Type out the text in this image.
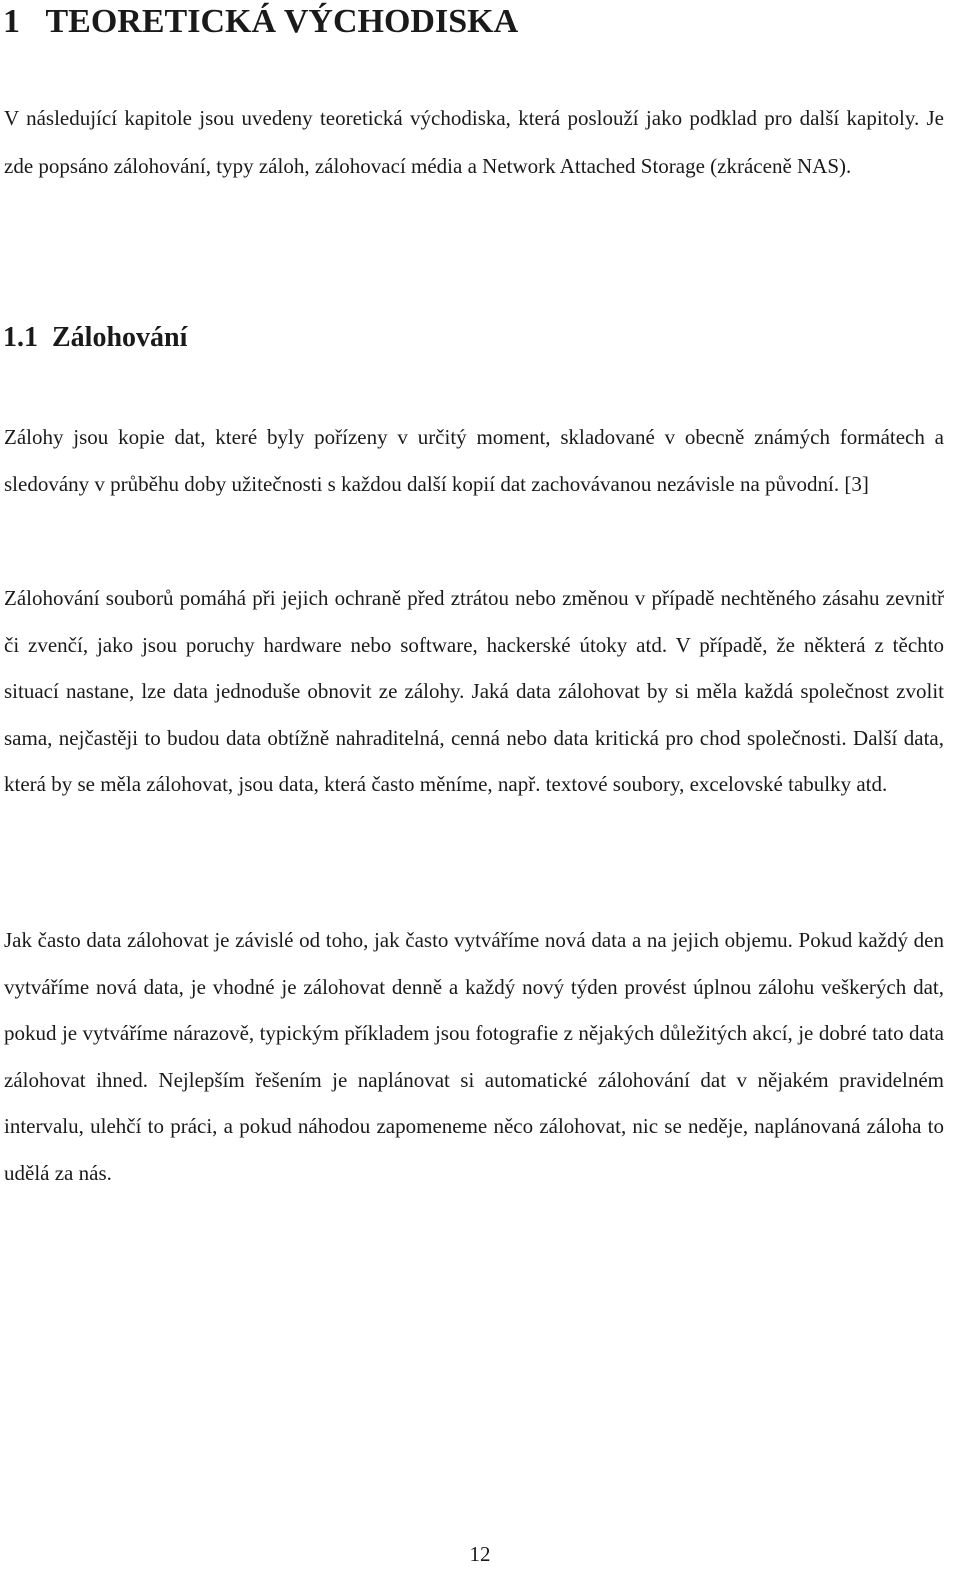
1 TEORETICKÁ VÝCHODISKA

V následující kapitole jsou uvedeny teoretická východiska, která poslouží jako podklad pro další kapitoly. Je zde popsáno zálohování, typy záloh, zálohovací média a Network Attached Storage (zkráceně NAS).

1.1 Zálohování

Zálohy jsou kopie dat, které byly pořízeny v určitý moment, skladované v obecně známých formátech a sledovány v průběhu doby užitečnosti s každou další kopií dat zachovávanou nezávisle na původní. [3]

Zálohování souborů pomáhá při jejich ochraně před ztrátou nebo změnou v případě nechtěného zásahu zevnitř či zvenčí, jako jsou poruchy hardware nebo software, hackerské útoky atd. V případě, že některá z těchto situací nastane, lze data jednoduše obnovit ze zálohy. Jaká data zálohovat by si měla každá společnost zvolit sama, nejčastěji to budou data obtížně nahraditelná, cenná nebo data kritická pro chod společnosti. Další data, která by se měla zálohovat, jsou data, která často měníme, např. textové soubory, excelovské tabulky atd.

Jak často data zálohovat je závislé od toho, jak často vytváříme nová data a na jejich objemu. Pokud každý den vytváříme nová data, je vhodné je zálohovat denně a každý nový týden provést úplnou zálohu veškerých dat, pokud je vytváříme nárazově, typickým příkladem jsou fotografie z nějakých důležitých akcí, je dobré tato data zálohovat ihned. Nejlepším řešením je naplánovat si automatické zálohování dat v nějakém pravidelném intervalu, ulehčí to práci, a pokud náhodou zapomeneme něco zálohovat, nic se neděje, naplánovaná záloha to udělá za nás.

12
